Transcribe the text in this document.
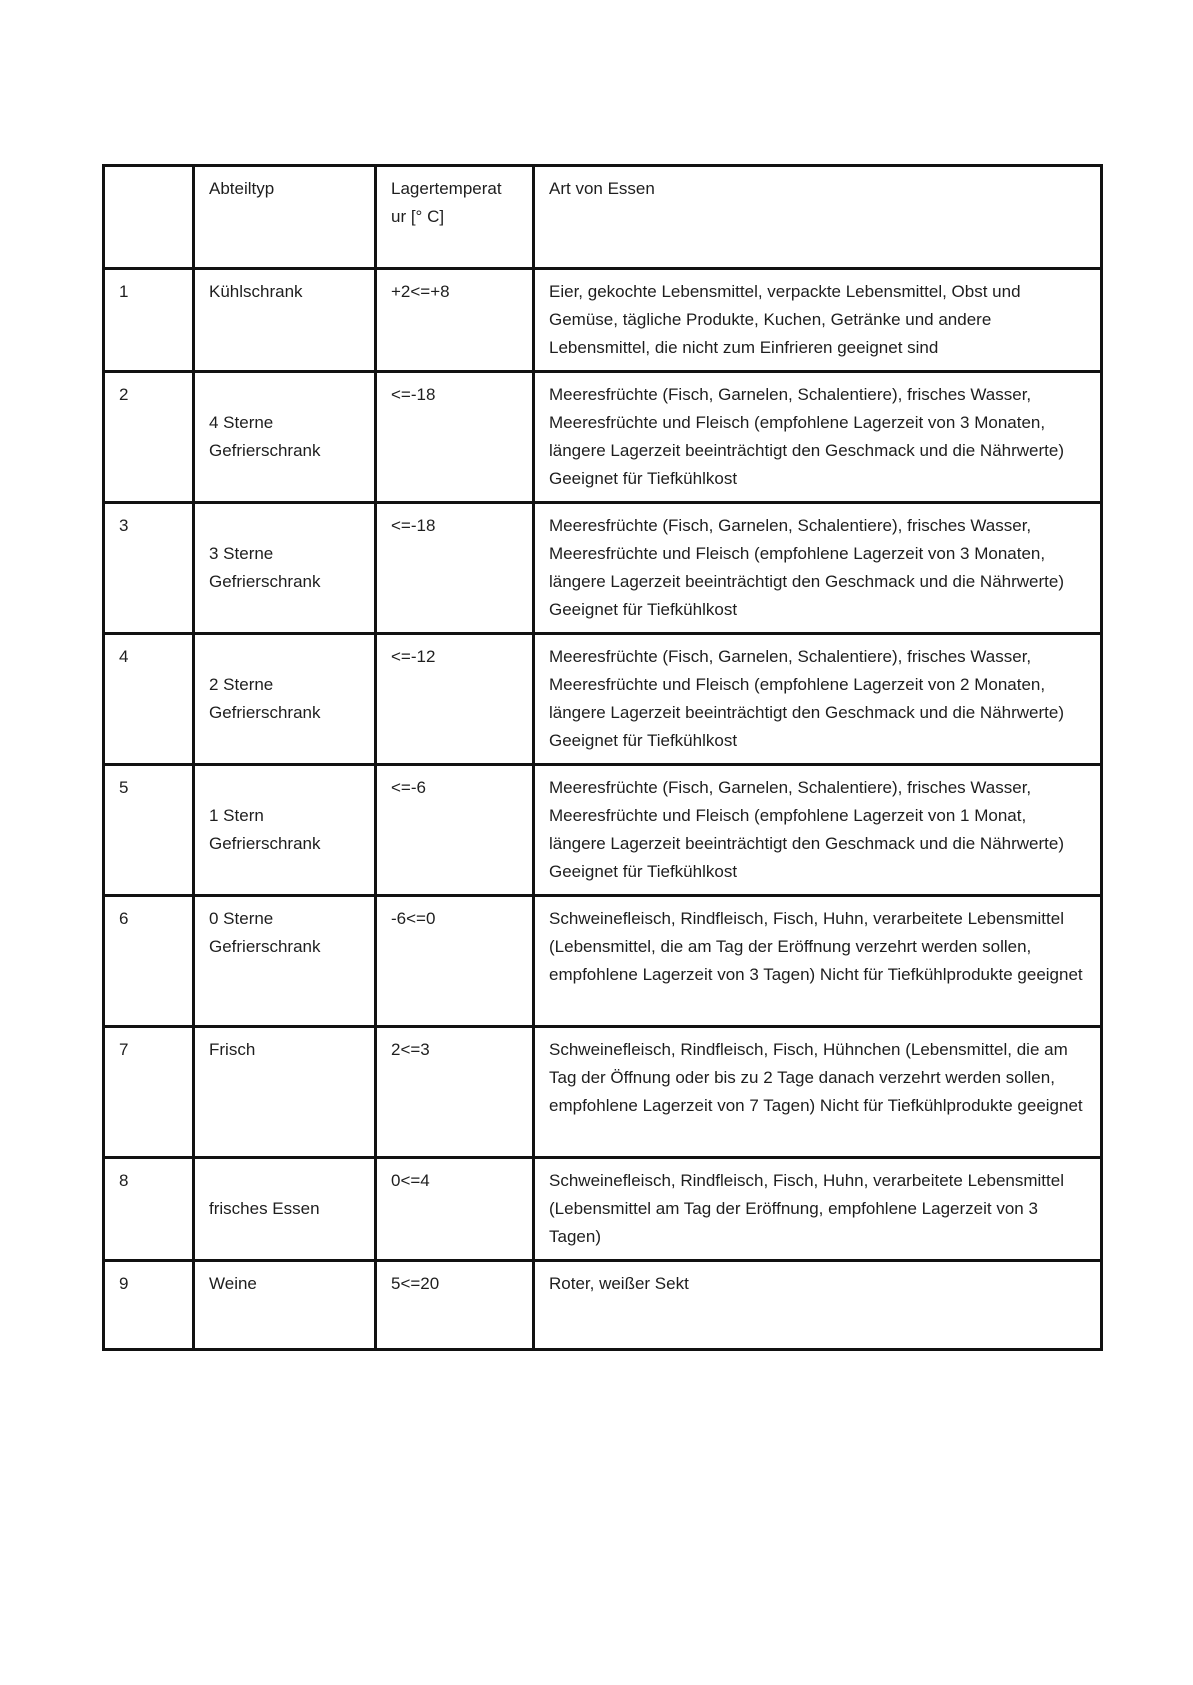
	Abteiltyp	Lagertemperat ur [° C]	Art von Essen
1	Kühlschrank	+2<=+8	Eier, gekochte Lebensmittel, verpackte Lebensmittel, Obst und Gemüse, tägliche Produkte, Kuchen, Getränke und andere Lebensmittel, die nicht zum Einfrieren geeignet sind
2	4 Sterne Gefrierschrank	<=-18	Meeresfrüchte (Fisch, Garnelen, Schalentiere), frisches Wasser, Meeresfrüchte und Fleisch (empfohlene Lagerzeit von 3 Monaten, längere Lagerzeit beeinträchtigt den Geschmack und die Nährwerte) Geeignet für Tiefkühlkost
3	3 Sterne Gefrierschrank	<=-18	Meeresfrüchte (Fisch, Garnelen, Schalentiere), frisches Wasser, Meeresfrüchte und Fleisch (empfohlene Lagerzeit von 3 Monaten, längere Lagerzeit beeinträchtigt den Geschmack und die Nährwerte) Geeignet für Tiefkühlkost
4	2 Sterne Gefrierschrank	<=-12	Meeresfrüchte (Fisch, Garnelen, Schalentiere), frisches Wasser, Meeresfrüchte und Fleisch (empfohlene Lagerzeit von 2 Monaten, längere Lagerzeit beeinträchtigt den Geschmack und die Nährwerte) Geeignet für Tiefkühlkost
5	1 Stern Gefrierschrank	<=-6	Meeresfrüchte (Fisch, Garnelen, Schalentiere), frisches Wasser, Meeresfrüchte und Fleisch (empfohlene Lagerzeit von 1 Monat, längere Lagerzeit beeinträchtigt den Geschmack und die Nährwerte) Geeignet für Tiefkühlkost
6	0 Sterne Gefrierschrank	-6<=0	Schweinefleisch, Rindfleisch, Fisch, Huhn, verarbeitete Lebensmittel (Lebensmittel, die am Tag der Eröffnung verzehrt werden sollen, empfohlene Lagerzeit von 3 Tagen) Nicht für Tiefkühlprodukte geeignet
7	Frisch	2<=3	Schweinefleisch, Rindfleisch, Fisch, Hühnchen (Lebensmittel, die am Tag der Öffnung oder bis zu 2 Tage danach verzehrt werden sollen, empfohlene Lagerzeit von 7 Tagen) Nicht für Tiefkühlprodukte geeignet
8	frisches Essen	0<=4	Schweinefleisch, Rindfleisch, Fisch, Huhn, verarbeitete Lebensmittel (Lebensmittel am Tag der Eröffnung, empfohlene Lagerzeit von 3 Tagen)
9	Weine	5<=20	Roter, weißer Sekt
